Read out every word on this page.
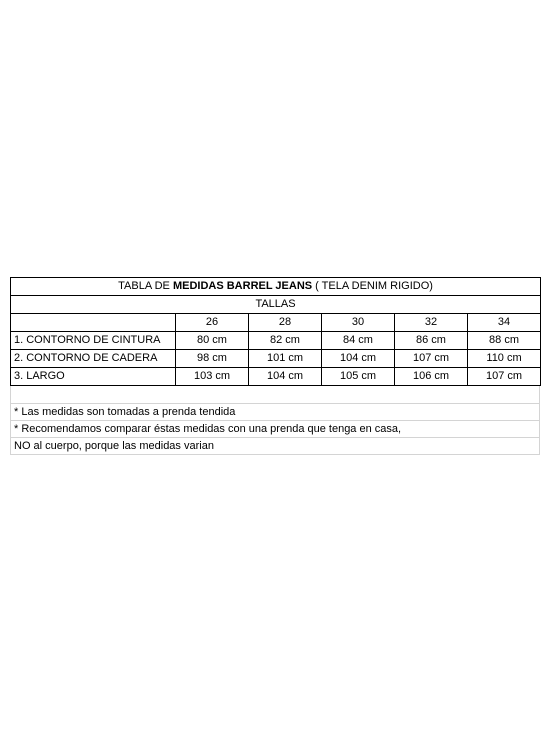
TABLA DE MEDIDAS BARREL JEANS ( TELA DENIM RIGIDO)					
TALLAS					
	26	28	30	32	34
1. CONTORNO DE CINTURA	80 cm	82 cm	84 cm	86 cm	88 cm
2. CONTORNO DE CADERA	98 cm	101 cm	104 cm	107 cm	110 cm
3. LARGO	103 cm	104 cm	105 cm	106 cm	107 cm
* Las medidas son tomadas a prenda tendida
* Recomendamos comparar éstas medidas con una prenda que tenga en casa,
NO al cuerpo, porque las medidas varian
